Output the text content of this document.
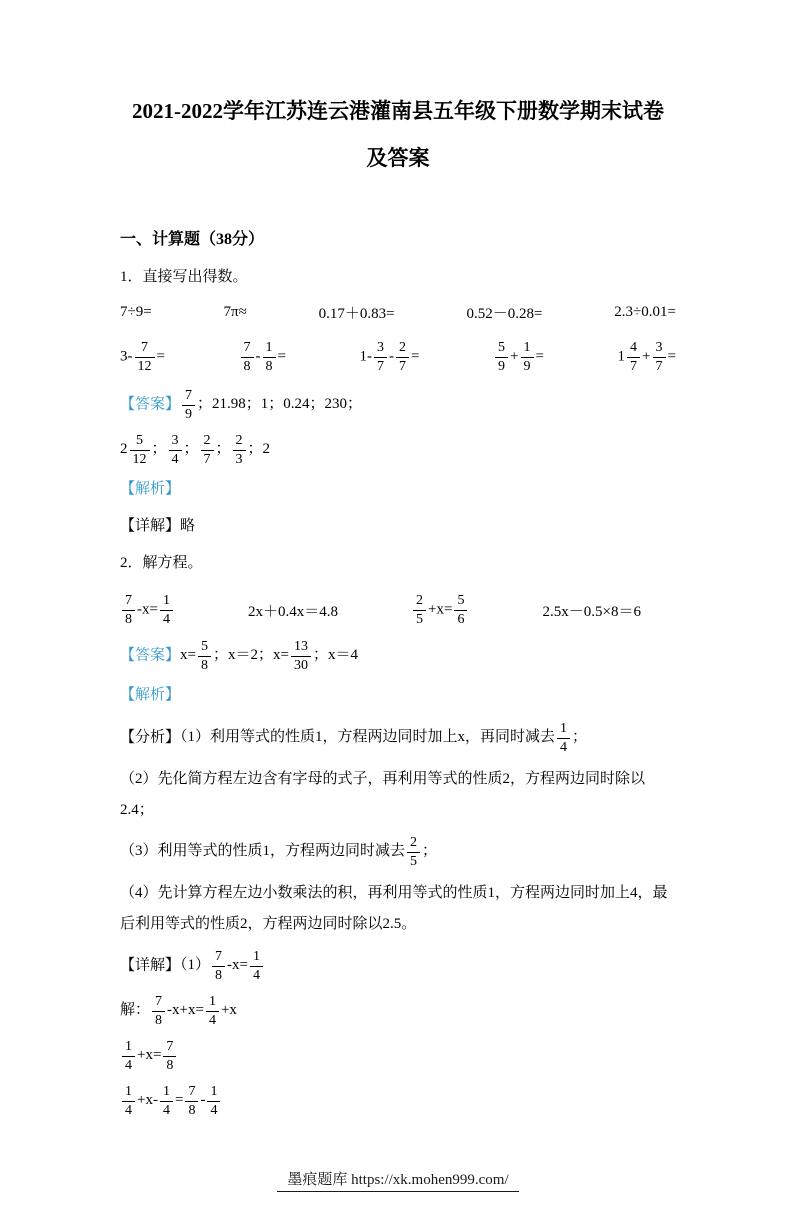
2021-2022学年江苏连云港灌南县五年级下册数学期末试卷
及答案
一、计算题（38分）
1．直接写出得数。
7÷9=	7π≈	0.17＋0.83=	0.52－0.28=	2.3÷0.01=
$3- \frac{7}{12}$ =	$\frac{7}{8} - \frac{1}{8}$ =	$1- \frac{3}{7} - \frac{2}{7}$ =	$\frac{5}{9} + \frac{1}{9}$ =	$1 \frac{4}{7} + \frac{3}{7}$ =
【答案】 $\frac{7}{9}$ ；21.98；1；0.24；230；
$2 \frac{5}{12}$ ； $\frac{3}{4}$ ； $\frac{2}{7}$ ； $\frac{2}{3}$ ；2
【解析】
【详解】略
2．解方程。
$\frac{7}{8} -x= \frac{1}{4}$	2x＋0.4x＝4.8	$\frac{2}{5} +x= \frac{5}{6}$	2.5x－0.5×8＝6
【答案】$x= \frac{5}{8}$ ；x＝2；$x= \frac{13}{30}$ ；x＝4
【解析】
【分析】（1）利用等式的性质1，方程两边同时加上x，再同时减去 $\frac{1}{4}$ ；
（2）先化简方程左边含有字母的式子，再利用等式的性质2，方程两边同时除以2.4；
（3）利用等式的性质1，方程两边同时减去 $\frac{2}{5}$ ；
（4）先计算方程左边小数乘法的积，再利用等式的性质1，方程两边同时加上4，最后利用等式的性质2，方程两边同时除以2.5。
【详解】$(1) \frac{7}{8} -x= \frac{1}{4}$
解： $\frac{7}{8} -x+x= \frac{1}{4} +x$
$\frac{1}{4} +x= \frac{7}{8}$
$\frac{1}{4} +x- \frac{1}{4} = \frac{7}{8} - \frac{1}{4}$
墨痕题库 https://xk.mohen999.com/
